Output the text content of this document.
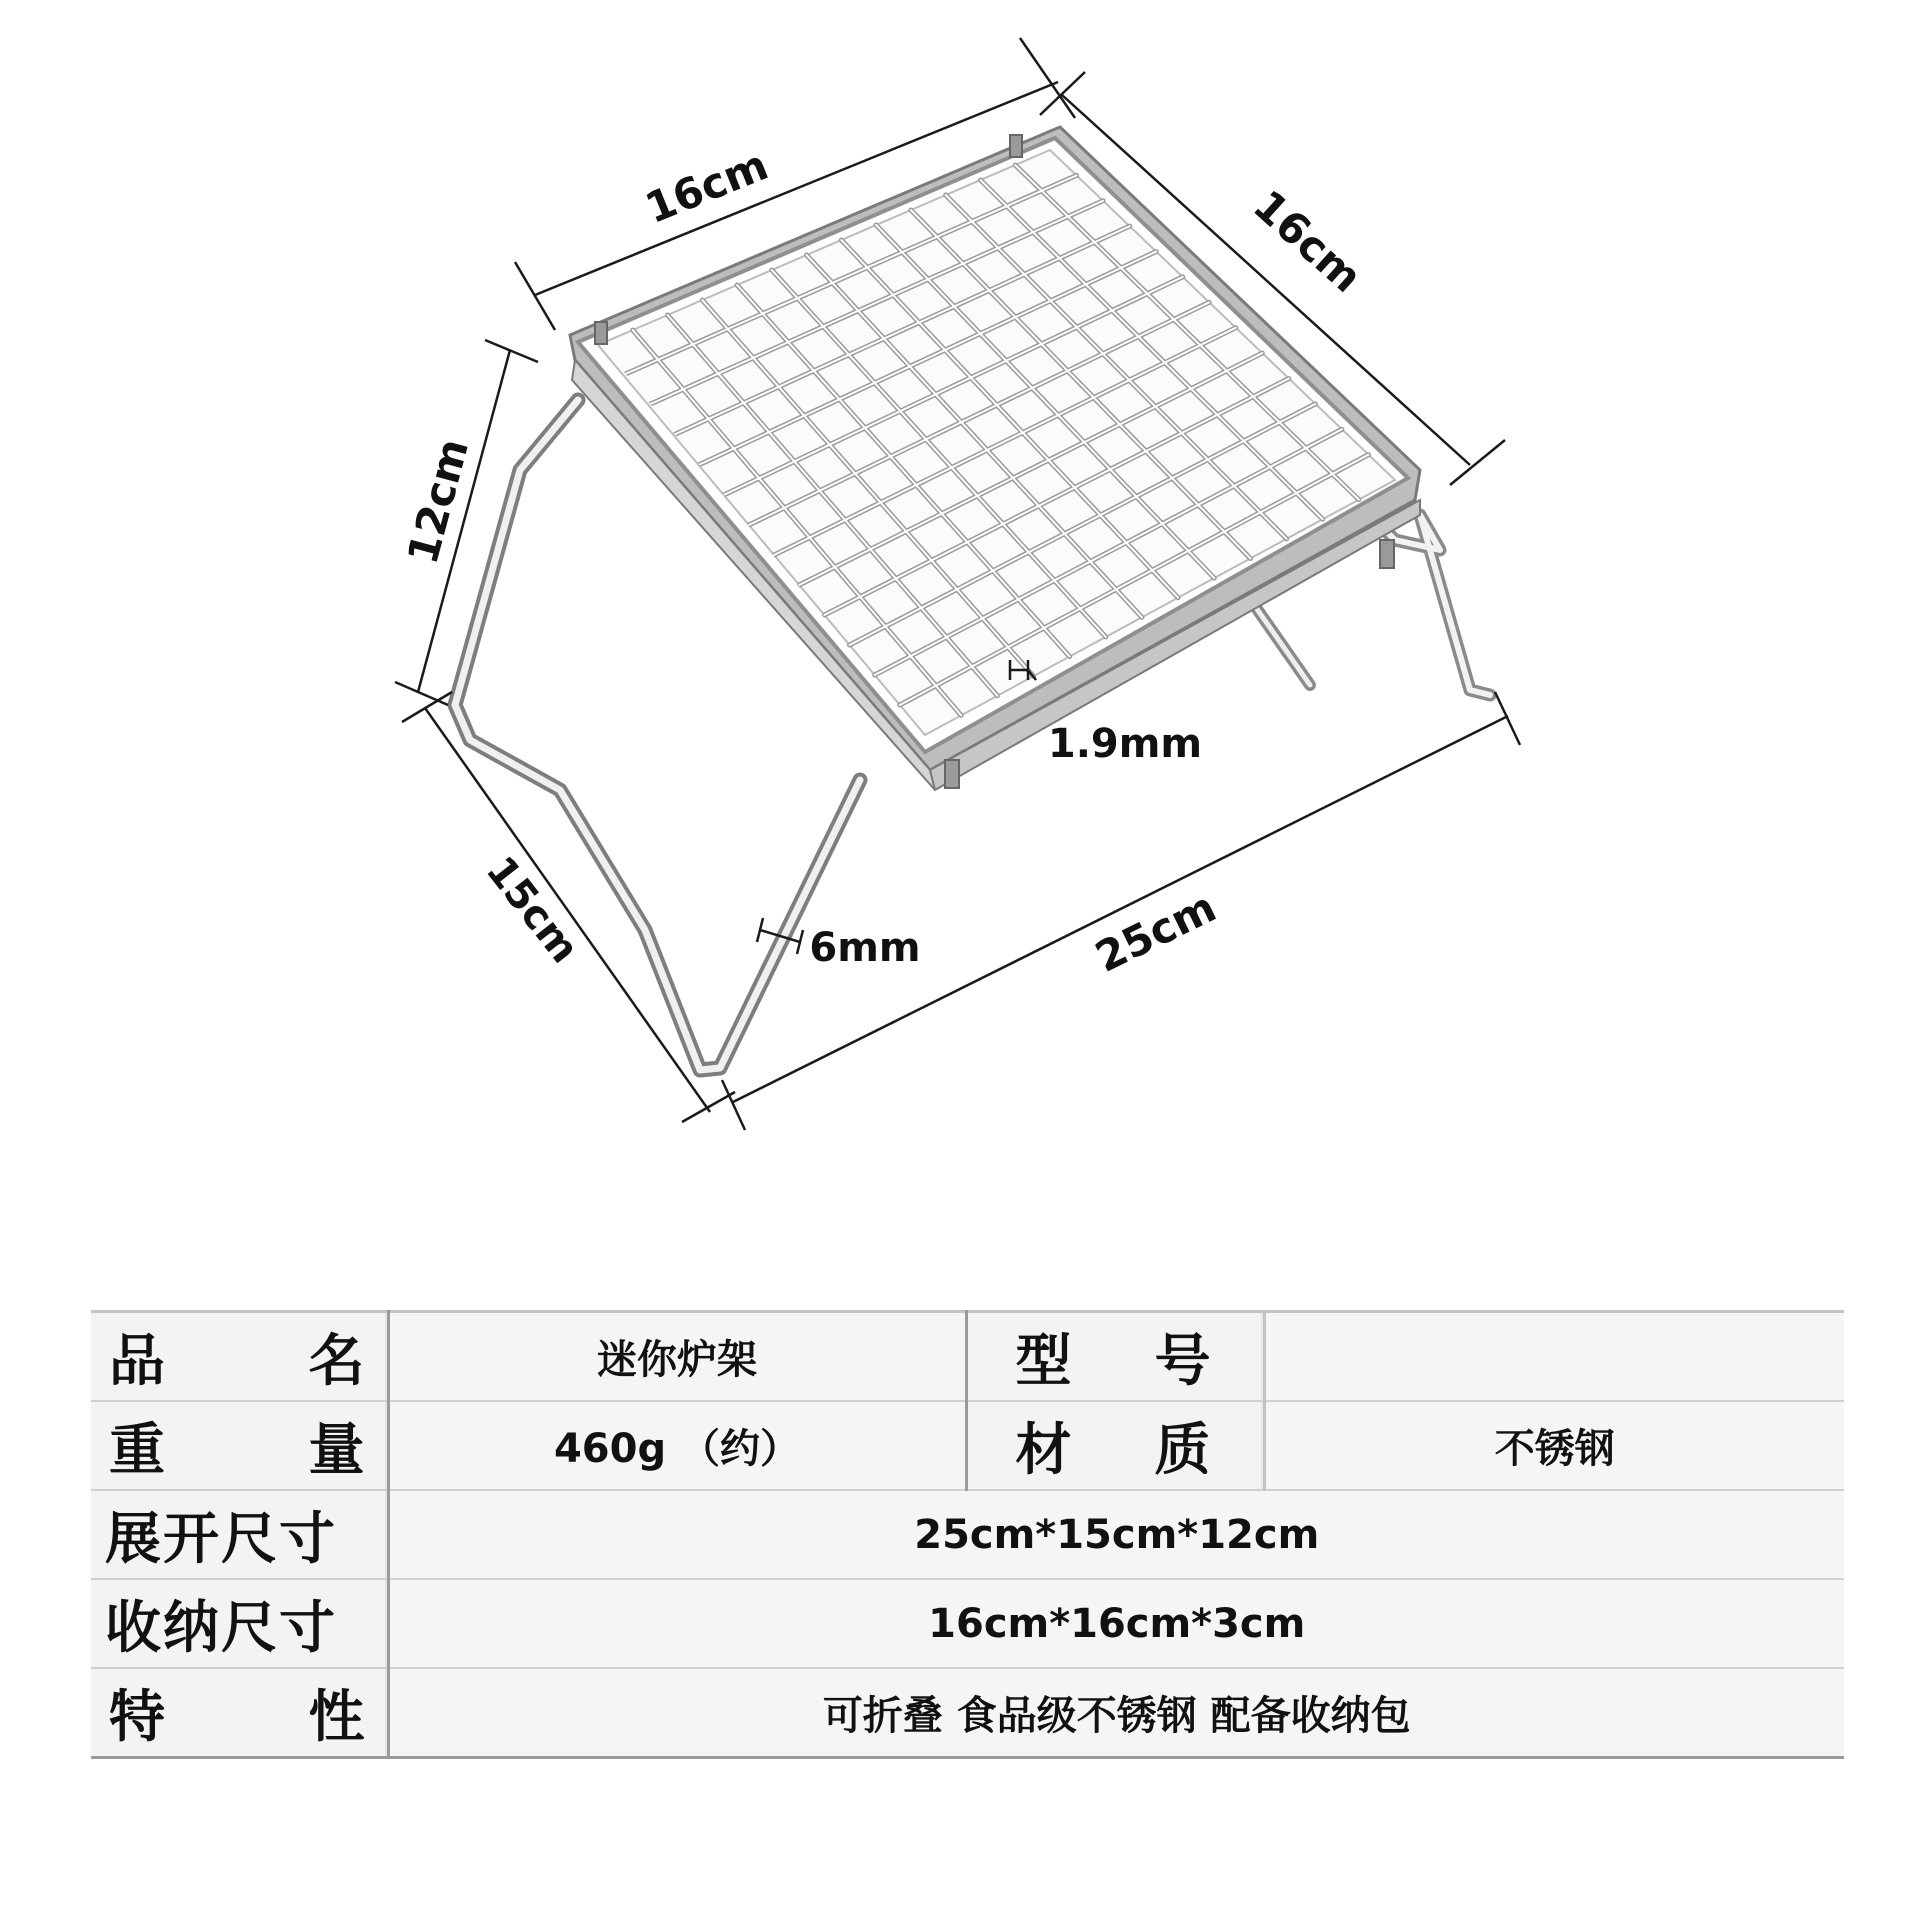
16cm	16cm
12cm
15cm	25cm
1.9mm
6mm
品　名	迷你炉架	型　号	
重　量	460g （约）	材　质	不锈钢
展开尺寸	25cm*15cm*12cm		
收纳尺寸	16cm*16cm*3cm		
特　性	可折叠 食品级不锈钢 配备收纳包		
